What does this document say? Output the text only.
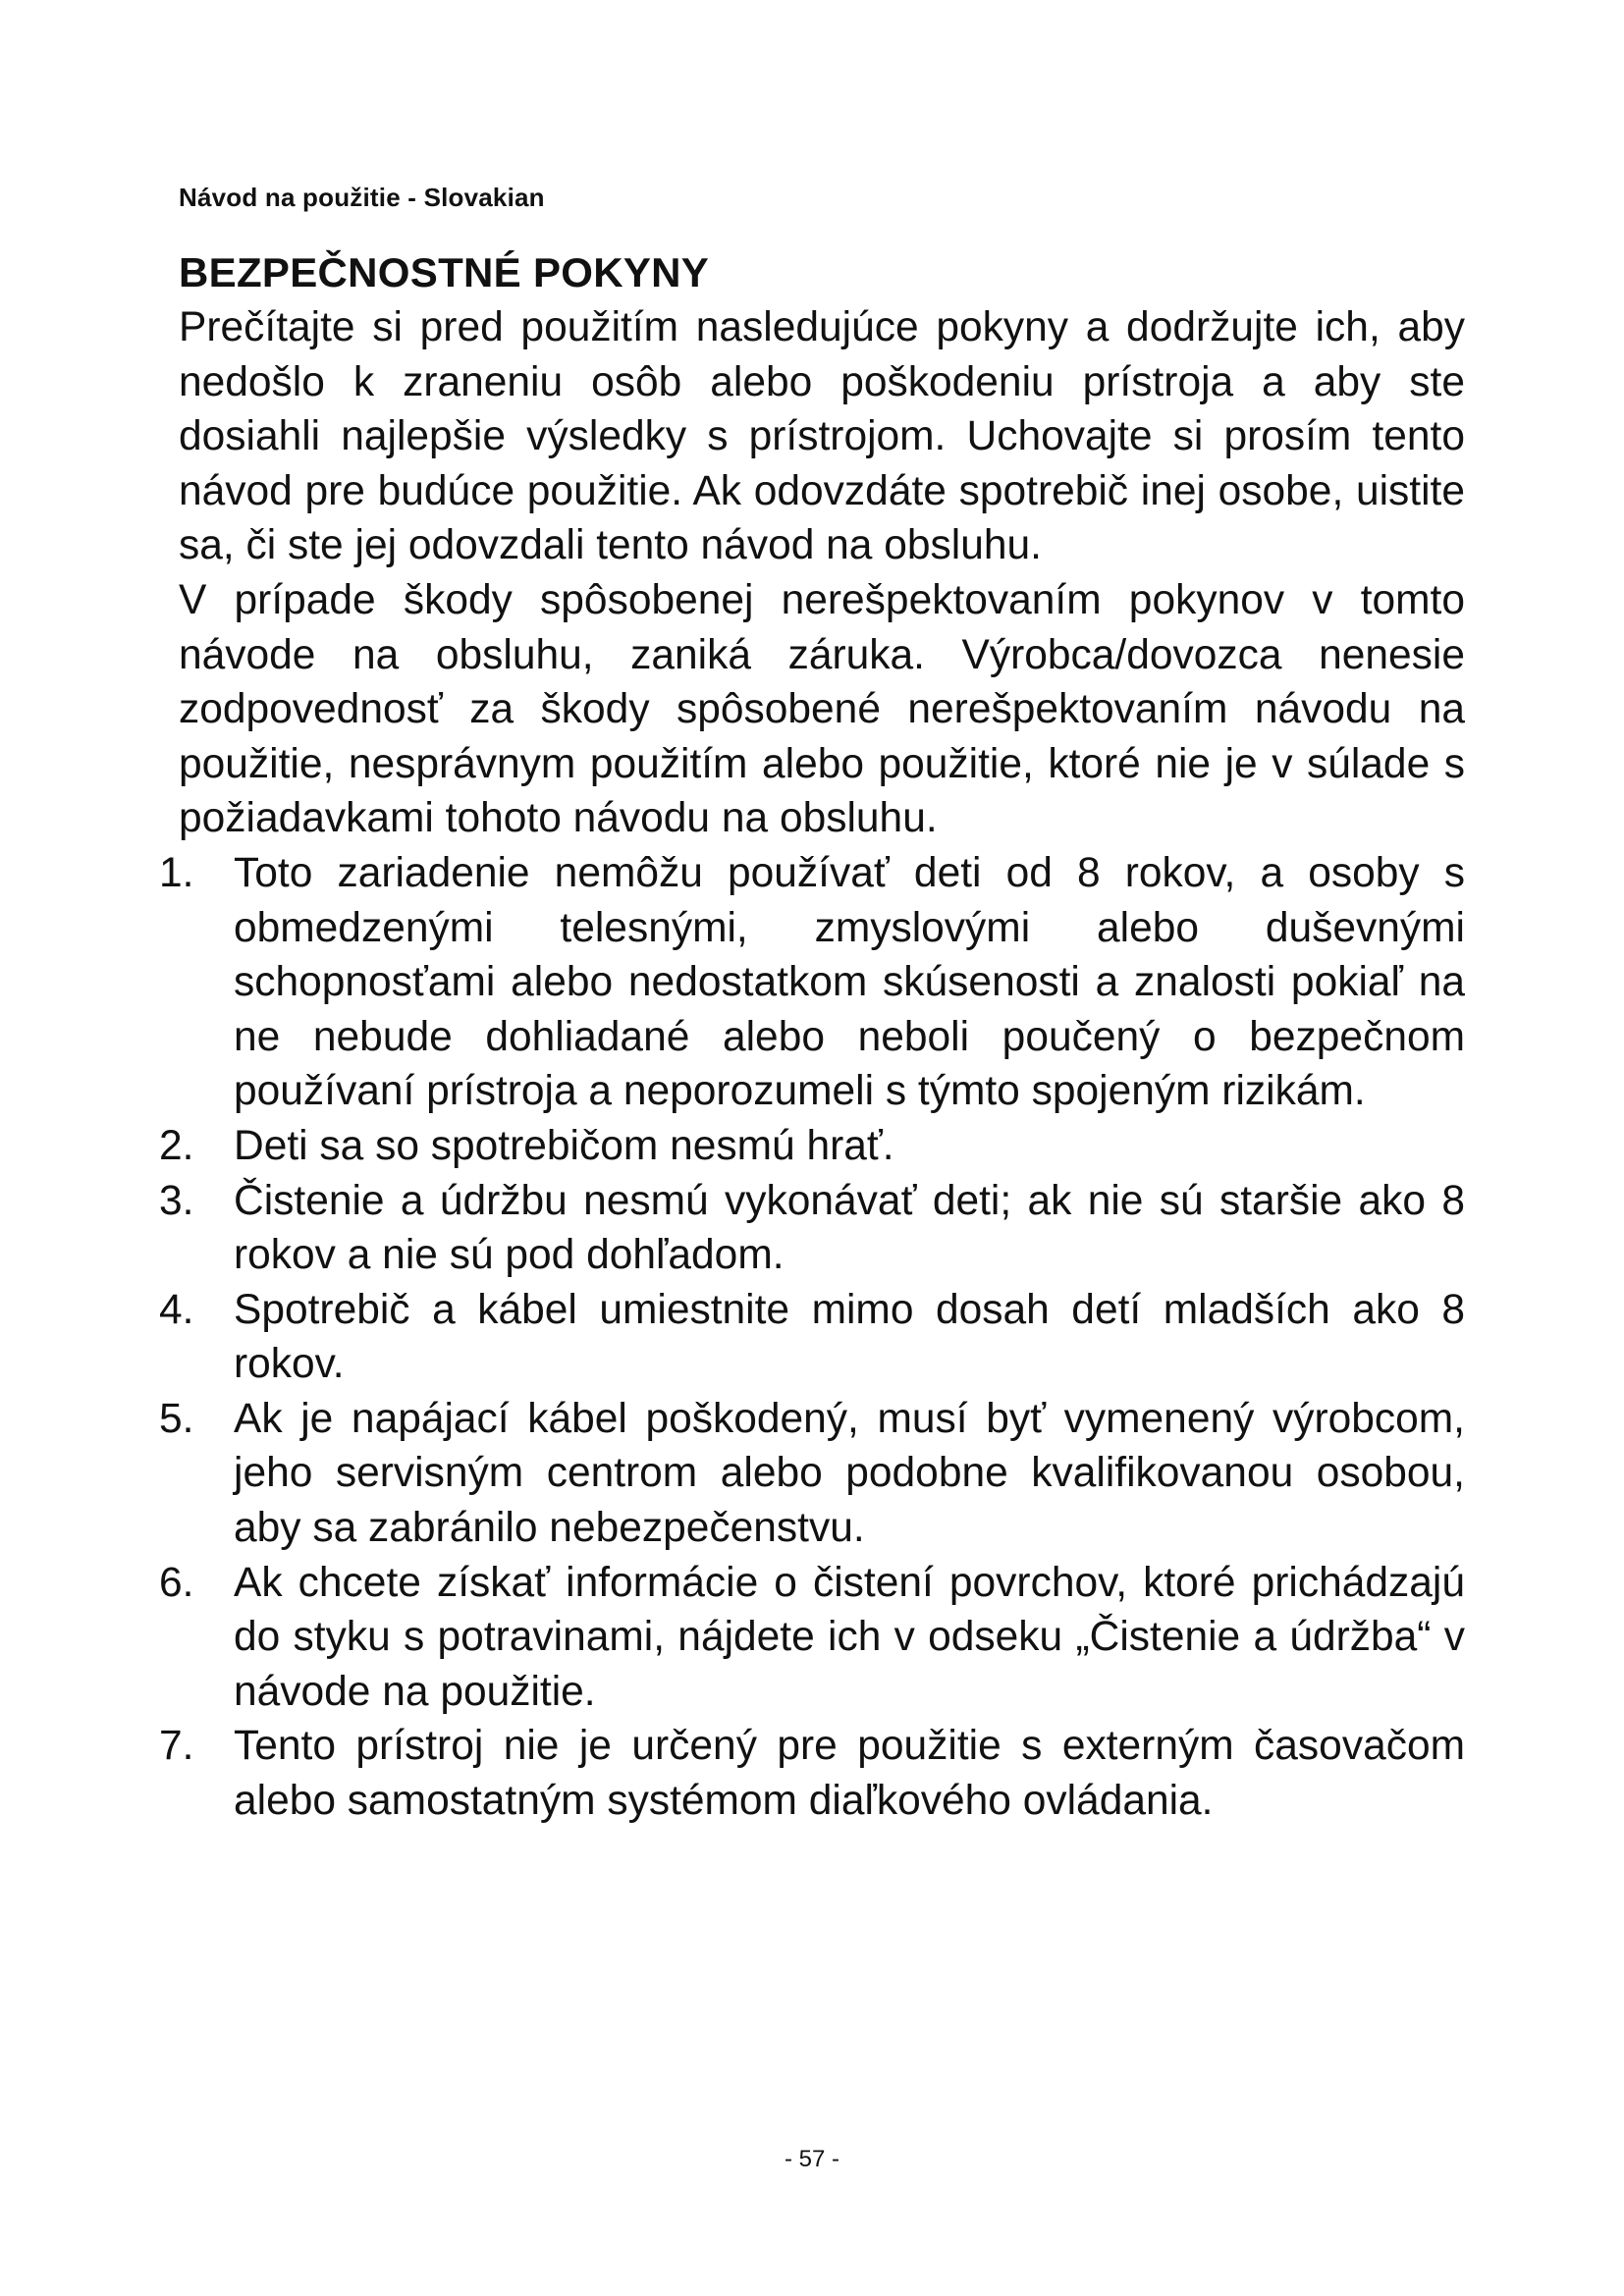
Návod na použitie - Slovakian
BEZPEČNOSTNÉ POKYNY

Prečítajte si pred použitím nasledujúce pokyny a dodržujte ich, aby nedošlo k zraneniu osôb alebo poškodeniu prístroja a aby ste dosiahli najlepšie výsledky s prístrojom. Uchovajte si prosím tento návod pre budúce použitie. Ak odovzdáte spotrebič inej osobe, uistite sa, či ste jej odovzdali tento návod na obsluhu.

V prípade škody spôsobenej nerešpektovaním pokynov v tomto návode na obsluhu, zaniká záruka. Výrobca/dovozca nenesie zodpovednosť za škody spôsobené nerešpektovaním návodu na použitie, nesprávnym použitím alebo použitie, ktoré nie je v súlade s požiadavkami tohoto návodu na obsluhu.

1. Toto zariadenie nemôžu používať deti od 8 rokov, a osoby s obmedzenými telesnými, zmyslovými alebo duševnými schopnosťami alebo nedostatkom skúsenosti a znalosti pokiaľ na ne nebude dohliadané alebo neboli poučený o bezpečnom používaní prístroja a neporozumeli s týmto spojeným rizikám.
2. Deti sa so spotrebičom nesmú hrať.
3. Čistenie a údržbu nesmú vykonávať deti; ak nie sú staršie ako 8 rokov a nie sú pod dohľadom.
4. Spotrebič a kábel umiestnite mimo dosah detí mladších ako 8 rokov.
5. Ak je napájací kábel poškodený, musí byť vymenený výrobcom, jeho servisným centrom alebo podobne kvalifikovanou osobou, aby sa zabránilo nebezpečenstvu.
6. Ak chcete získať informácie o čistení povrchov, ktoré prichádzajú do styku s potravinami, nájdete ich v odseku „Čistenie a údržba“ v návode na použitie.
7. Tento prístroj nie je určený pre použitie s externým časovačom alebo samostatným systémom diaľkového ovládania.
- 57 -
